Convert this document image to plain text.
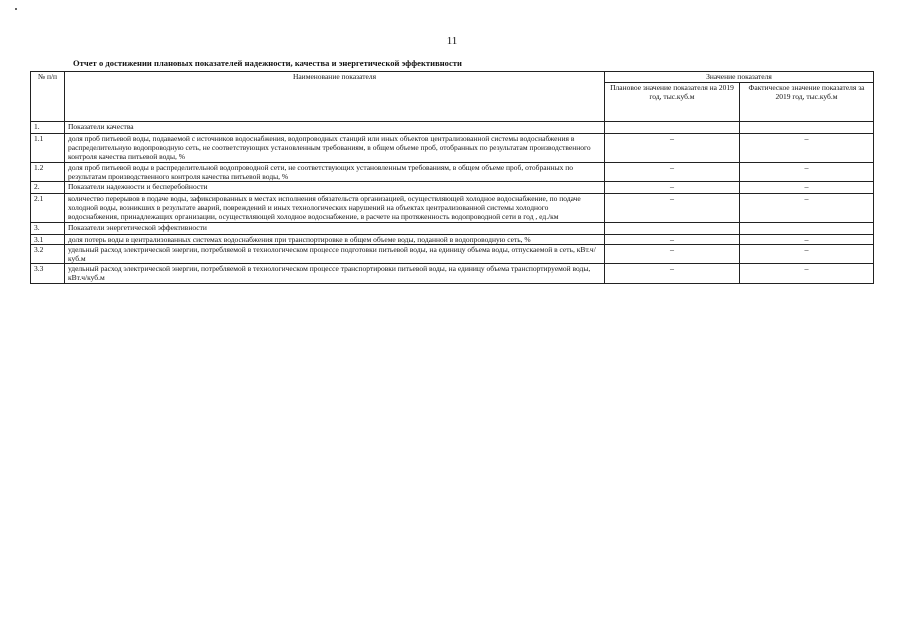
11
Отчет о достижении плановых показателей надежности, качества и энергетической эффективности
№ п/п	Наименование показателя	Значение показателя	
		Плановое значение показателя на 2019 год, тыс.куб.м	Фактическое значение показателя за 2019 год, тыс.куб.м
1.	Показатели качества		
1.1	доля проб питьевой воды, подаваемой с источников водоснабжения, водопроводных станций или иных объектов централизованной системы водоснабжения в распределительную водопроводную сеть, не соответствующих установленным требованиям, в общем объеме проб, отобранных по результатам производственного контроля качества питьевой воды, %	–	–
1.2	доля проб питьевой воды в распределительной водопроводной сети, не соответствующих установленным требованиям, в общем объеме проб, отобранных по результатам производственного контроля качества питьевой воды, %	–	–
2.	Показатели надежности и бесперебойности	–	–
2.1	количество перерывов в подаче воды, зафиксированных в местах исполнения обязательств организацией, осуществляющей холодное водоснабжение, по подаче холодной воды, возникших в результате аварий, повреждений и иных технологических нарушений на объектах централизованной системы холодного водоснабжения, принадлежащих организации, осуществляющей холодное водоснабжение, в расчете на протяженность водопроводной сети в год , ед./км	–	–
3.	Показатели энергетической эффективности		
3.1	доля потерь воды в централизованных системах водоснабжения при транспортировке в общем объеме воды, поданной в водопроводную сеть, %	–	–
3.2	удельный расход электрической энергии, потребляемой в технологическом процессе подготовки питьевой воды, на единицу объема воды, отпускаемой в сеть, кВт.ч/куб.м	–	–
3.3	удельный расход электрической энергии, потребляемой в технологическом процессе транспортировки питьевой воды, на единицу объема транспортируемой воды, кВт.ч/куб.м	–	–
